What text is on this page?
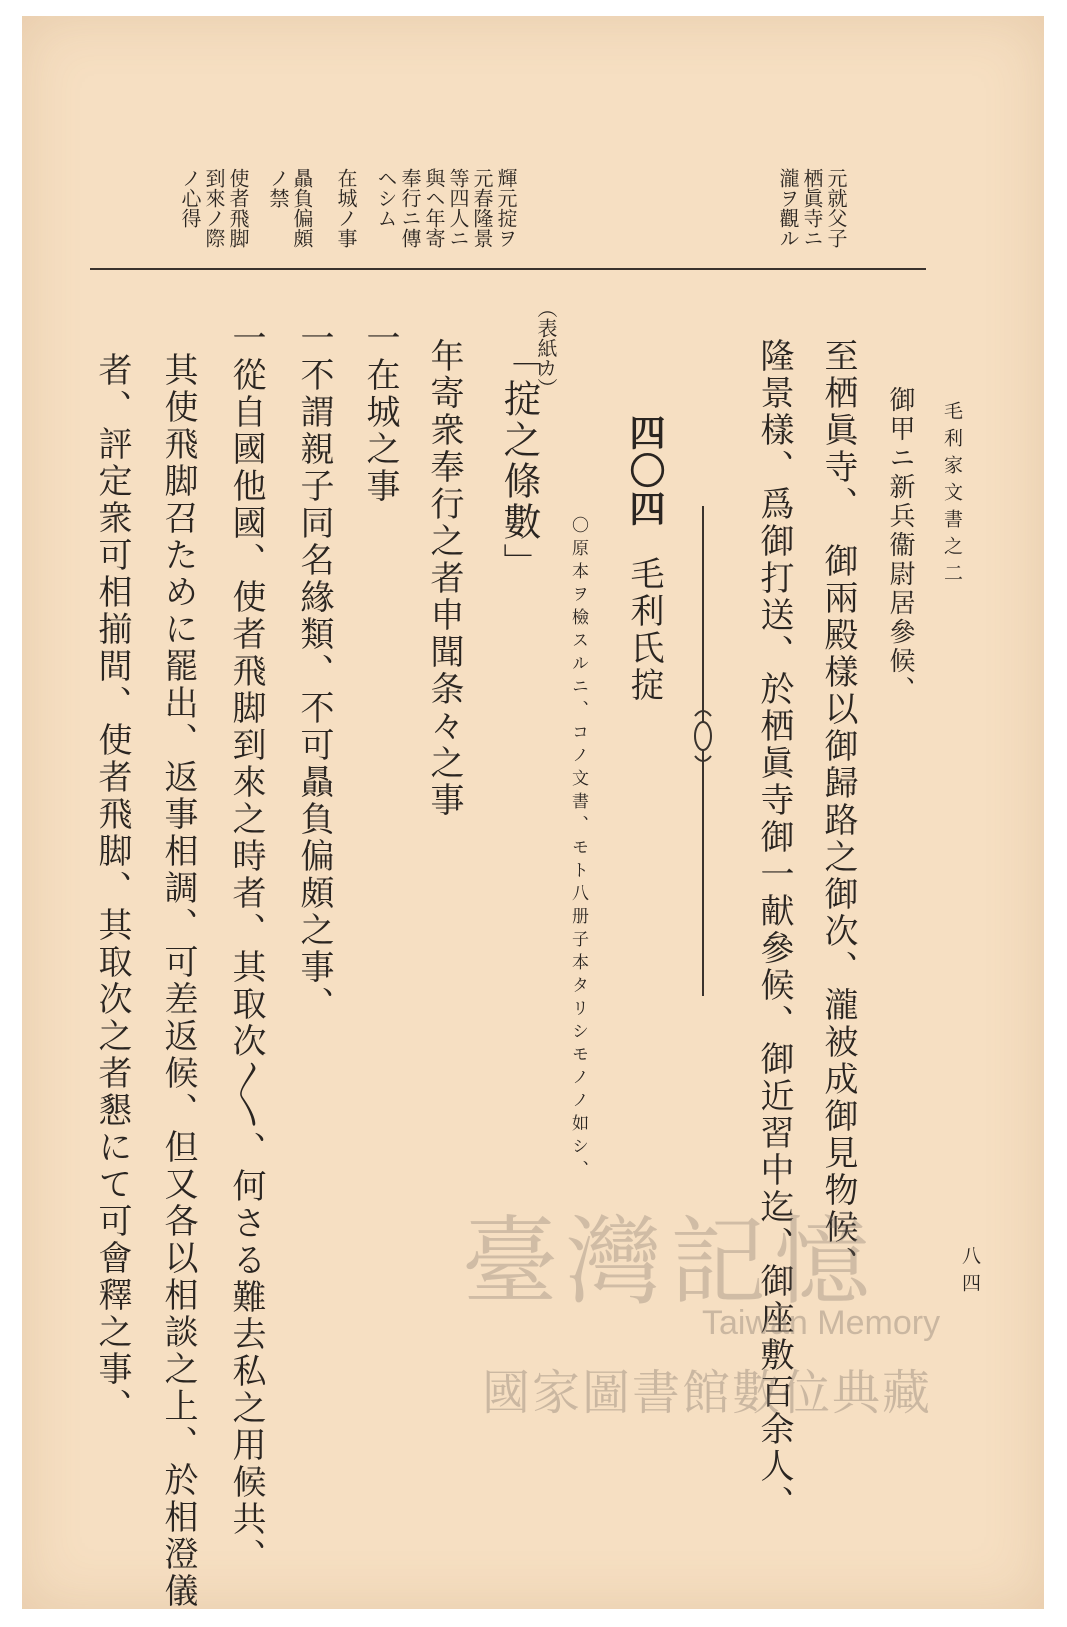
毛利家文書之二
八四
元就父子
栖眞寺ニ
瀧ヲ觀ル
輝元掟ヲ
元春隆景
等四人ニ
與ヘ年寄
奉行ニ傳
ヘシム
在城ノ事
贔負偏頗
ノ禁
使者飛脚
到來ノ際
ノ心得
御甲ニ新兵衞尉居參候、
至栖眞寺、　御兩殿樣以御歸路之御次、瀧被成御見物候、
隆景樣、爲御打送、於栖眞寺御一献參候、御近習中迄、御座敷百余人、
四〇四
毛利氏掟
〇原本ヲ檢スルニ、コノ文書、モト八册子本タリシモノノ如シ、
（表紙カ）
「掟之條數」
年寄衆奉行之者申聞条々之事
一在城之事
一不謂親子同名緣類、不可贔負偏頗之事、
一從自國他國、使者飛脚到來之時者、其取次〳〵、何さる難去私之用候共、
其使飛脚召ために罷出、返事相調、可差返候、但又各以相談之上、於相澄儀
者、評定衆可相揃間、使者飛脚、其取次之者懇にて可會釋之事、	臺灣記憶
Taiwan Memory
國家圖書館數位典藏
